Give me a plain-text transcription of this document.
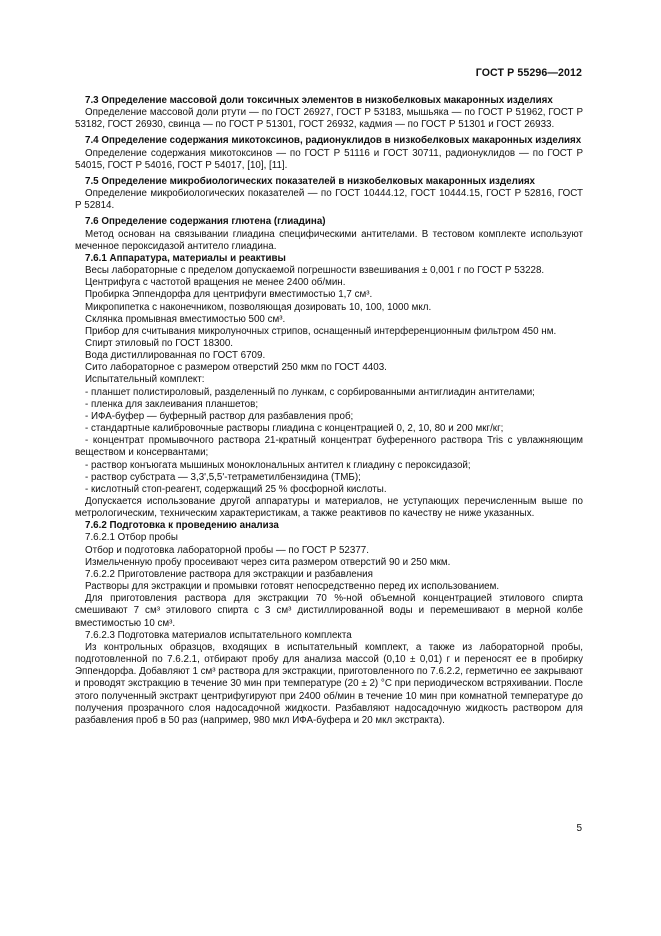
ГОСТ Р 55296—2012

7.3 Определение массовой доли токсичных элементов в низкобелковых макаронных изделиях

Определение массовой доли ртути — по ГОСТ 26927, ГОСТ Р 53183, мышьяка — по ГОСТ Р 51962, ГОСТ Р 53182, ГОСТ 26930, свинца — по ГОСТ Р 51301, ГОСТ 26932, кадмия — по ГОСТ Р 51301 и ГОСТ 26933.

7.4 Определение содержания микотоксинов, радионуклидов в низкобелковых макаронных изделиях

Определение содержания микотоксинов — по ГОСТ Р 51116 и ГОСТ 30711, радионуклидов — по ГОСТ Р 54015, ГОСТ Р 54016, ГОСТ Р 54017, [10], [11].

7.5 Определение микробиологических показателей в низкобелковых макаронных изделиях

Определение микробиологических показателей — по ГОСТ 10444.12, ГОСТ 10444.15, ГОСТ Р 52816, ГОСТ Р 52814.

7.6 Определение содержания глютена (глиадина)

Метод основан на связывании глиадина специфическими антителами. В тестовом комплекте используют меченное пероксидазой антитело глиадина.

7.6.1 Аппаратура, материалы и реактивы

Весы лабораторные с пределом допускаемой погрешности взвешивания ± 0,001 г по ГОСТ Р 53228.

Центрифуга с частотой вращения не менее 2400 об/мин.

Пробирка Эппендорфа для центрифуги вместимостью 1,7 см³.

Микропипетка с наконечником, позволяющая дозировать 10, 100, 1000 мкл.

Склянка промывная вместимостью 500 см³.

Прибор для считывания микролуночных стрипов, оснащенный интерференционным фильтром 450 нм.

Спирт этиловый по ГОСТ 18300.

Вода дистиллированная по ГОСТ 6709.

Сито лабораторное с размером отверстий 250 мкм по ГОСТ 4403.

Испытательный комплект:

- планшет полистироловый, разделенный по лункам, с сорбированными антиглиадин антителами;

- пленка для заклеивания планшетов;

- ИФА-буфер — буферный раствор для разбавления проб;

- стандартные калибровочные растворы глиадина с концентрацией 0, 2, 10, 80 и 200 мкг/кг;

- концентрат промывочного раствора 21-кратный концентрат буференного раствора Tris с увлажняющим веществом и консервантами;

- раствор конъюгата мышиных моноклональных антител к глиадину с пероксидазой;

- раствор субстрата — 3,3',5,5'-тетраметилбензидина (ТМБ);

- кислотный стоп-реагент, содержащий 25 % фосфорной кислоты.

Допускается использование другой аппаратуры и материалов, не уступающих перечисленным выше по метрологическим, техническим характеристикам, а также реактивов по качеству не ниже указанных.

7.6.2 Подготовка к проведению анализа

7.6.2.1 Отбор пробы

Отбор и подготовка лабораторной пробы — по ГОСТ Р 52377.

Измельченную пробу просеивают через сита размером отверстий 90 и 250 мкм.

7.6.2.2 Приготовление раствора для экстракции и разбавления

Растворы для экстракции и промывки готовят непосредственно перед их использованием.

Для приготовления раствора для экстракции 70 %-ной объемной концентрацией этилового спирта смешивают 7 см³ этилового спирта с 3 см³ дистиллированной воды и перемешивают в мерной колбе вместимостью 10 см³.

7.6.2.3 Подготовка материалов испытательного комплекта

Из контрольных образцов, входящих в испытательный комплект, а также из лабораторной пробы, подготовленной по 7.6.2.1, отбирают пробу для анализа массой (0,10 ± 0,01) г и переносят ее в пробирку Эппендорфа. Добавляют 1 см³ раствора для экстракции, приготовленного по 7.6.2.2, герметично ее закрывают и проводят экстракцию в течение 30 мин при температуре (20 ± 2) °С при периодическом встряхивании. После этого полученный экстракт центрифугируют при 2400 об/мин в течение 10 мин при комнатной температуре до получения прозрачного слоя надосадочной жидкости. Разбавляют надосадочную жидкость раствором для разбавления проб в 50 раз (например, 980 мкл ИФА-буфера и 20 мкл экстракта).

5
